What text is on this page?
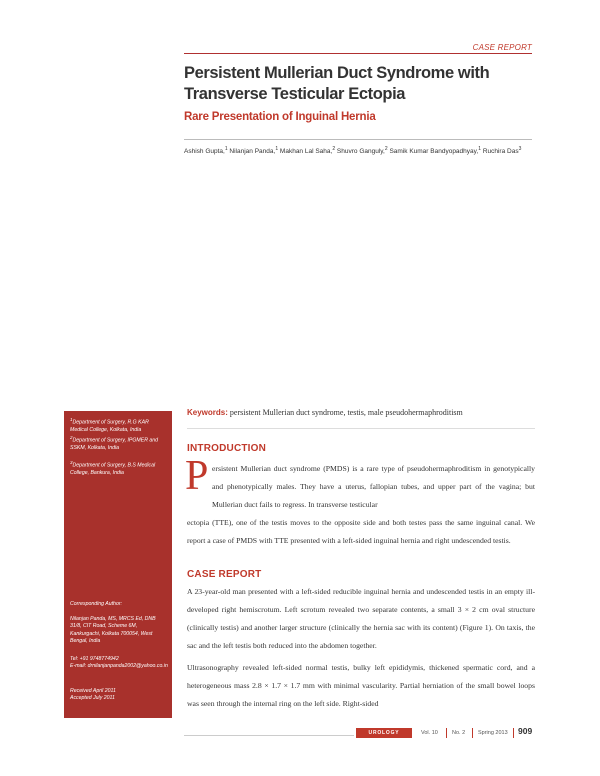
CASE REPORT
Persistent Mullerian Duct Syndrome with Transverse Testicular Ectopia
Rare Presentation of Inguinal Hernia
Ashish Gupta,$^1$ Nilanjan Panda,$^1$ Makhan Lal Saha,$^2$ Shuvro Ganguly,$^2$ Samik Kumar Bandyopadhyay,$^1$ Ruchira Das$^3$

$^1$Department of Surgery, R.G KAR Medical College, Kolkata, India

$^2$Department of Surgery, IPGMER and SSKM, Kolkata, India

$^3$Department of Surgery, B.S Medical College, Bankura, India

Corresponding Author:

Nilanjan Panda, MS, MRCS Ed, DNB 31/8, CIT Road, Scheme 6M, Kankurgachi, Kolkata 700054, West Bengal, India

Tel: +91 9748774942
E-mail: drnilanjanpanda2002@yahoo.co.in

Received April 2011
Accepted July 2011

Keywords: persistent Mullerian duct syndrome, testis, male pseudohermaphroditism
INTRODUCTION
P ersistent Mullerian duct syndrome (PMDS) is a rare type of pseudohermaphroditism in genotypically and phenotypically males. They have a uterus, fallopian tubes, and upper part of the vagina; but Mullerian duct fails to regress. In transverse testicular

ectopia (TTE), one of the testis moves to the opposite side and both testes pass the same inguinal canal. We report a case of PMDS with TTE presented with a left-sided inguinal hernia and right undescended testis.

CASE REPORT

A 23-year-old man presented with a left-sided reducible inguinal hernia and undescended testis in an empty ill-developed right hemiscrotum. Left scrotum revealed two separate contents, a small 3 × 2 cm oval structure (clinically testis) and another larger structure (clinically the hernia sac with its content) (Figure 1). On taxis, the sac and the left testis both reduced into the abdomen together.

Ultrasonography revealed left-sided normal testis, bulky left epididymis, thickened spermatic cord, and a heterogeneous mass 2.8 × 1.7 × 1.7 mm with minimal vascularity. Partial herniation of the small bowel loops was seen through the internal ring on the left side. Right-sided

UROLOGY JOURNAL
Vol. 10	No. 2 Spring 2013 909
